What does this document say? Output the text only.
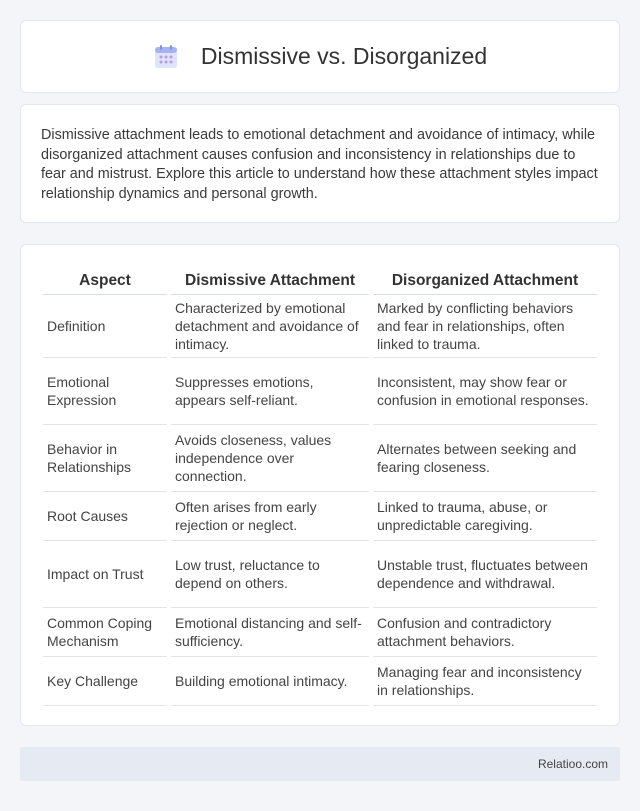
Dismissive vs. Disorganized

Dismissive attachment leads to emotional detachment and avoidance of intimacy, while disorganized attachment causes confusion and inconsistency in relationships due to fear and mistrust. Explore this article to understand how these attachment styles impact relationship dynamics and personal growth.

Aspect	Dismissive Attachment	Disorganized Attachment
Definition	Characterized by emotional detachment and avoidance of intimacy.	Marked by conflicting behaviors and fear in relationships, often linked to trauma.
Emotional Expression	Suppresses emotions, appears self-reliant.	Inconsistent, may show fear or confusion in emotional responses.
Behavior in Relationships	Avoids closeness, values independence over connection.	Alternates between seeking and fearing closeness.
Root Causes	Often arises from early rejection or neglect.	Linked to trauma, abuse, or unpredictable caregiving.
Impact on Trust	Low trust, reluctance to depend on others.	Unstable trust, fluctuates between dependence and withdrawal.
Common Coping Mechanism	Emotional distancing and self-sufficiency.	Confusion and contradictory attachment behaviors.
Key Challenge	Building emotional intimacy.	Managing fear and inconsistency in relationships.
Relatioo.com
